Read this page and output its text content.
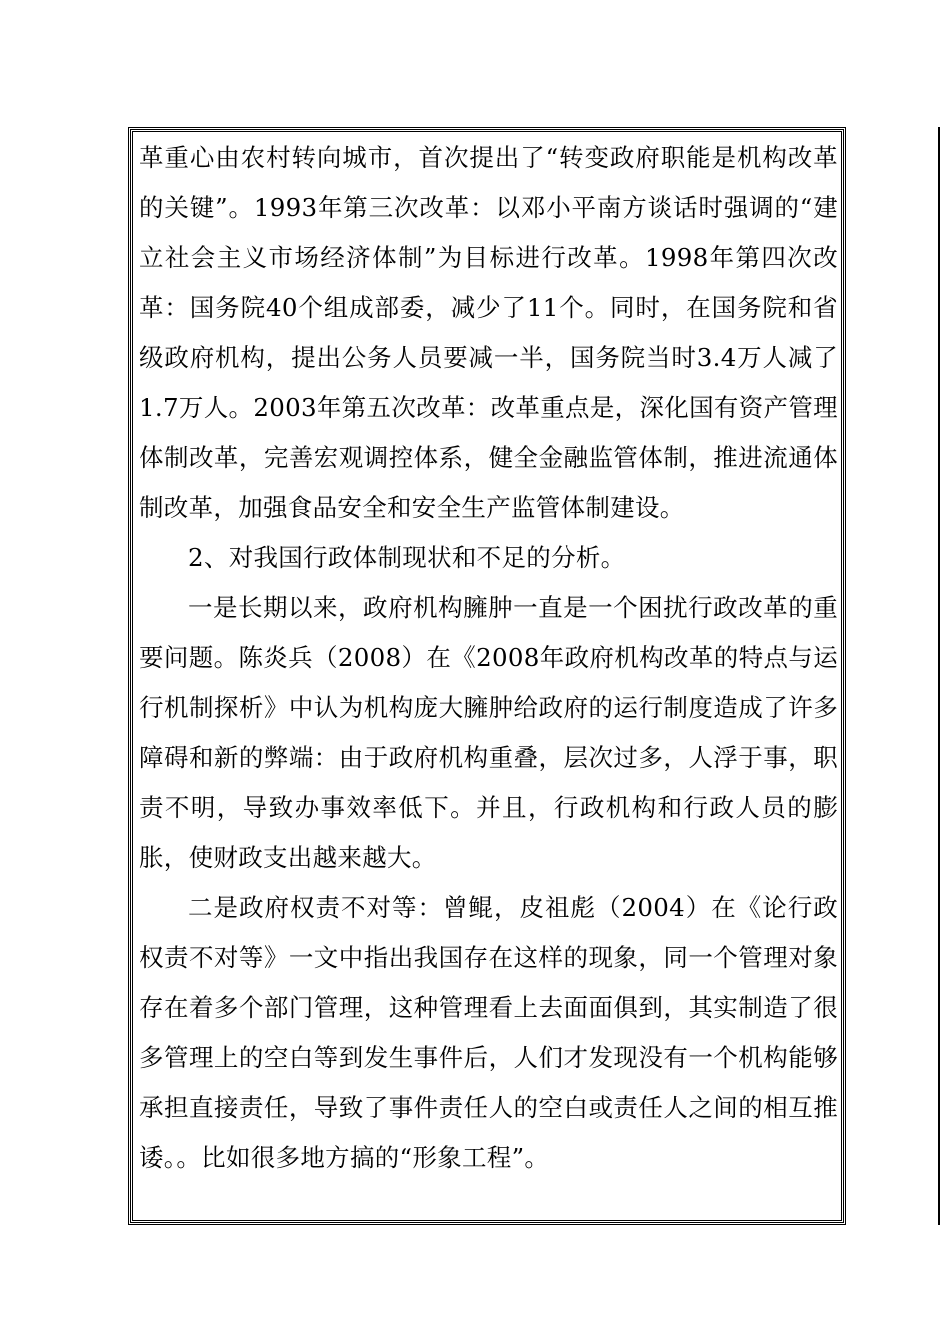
革重心由农村转向城市，首次提出了“转变政府职能是机构改革的关键”。1993年第三次改革：以邓小平南方谈话时强调的“建立社会主义市场经济体制”为目标进行改革。1998年第四次改革：国务院40个组成部委，减少了11个。同时，在国务院和省级政府机构，提出公务人员要减一半，国务院当时3.4万人减了1.7万人。2003年第五次改革：改革重点是，深化国有资产管理体制改革，完善宏观调控体系，健全金融监管体制，推进流通体制改革，加强食品安全和安全生产监管体制建设。

2、对我国行政体制现状和不足的分析。

一是长期以来，政府机构臃肿一直是一个困扰行政改革的重要问题。陈炎兵（2008）在《2008年政府机构改革的特点与运行机制探析》中认为机构庞大臃肿给政府的运行制度造成了许多障碍和新的弊端：由于政府机构重叠，层次过多，人浮于事，职责不明，导致办事效率低下。并且，行政机构和行政人员的膨胀，使财政支出越来越大。

二是政府权责不对等：曾鲲，皮祖彪（2004）在《论行政权责不对等》一文中指出我国存在这样的现象，同一个管理对象存在着多个部门管理，这种管理看上去面面俱到，其实制造了很多管理上的空白等到发生事件后，人们才发现没有一个机构能够承担直接责任，导致了事件责任人的空白或责任人之间的相互推诿。。比如很多地方搞的“形象工程”。
